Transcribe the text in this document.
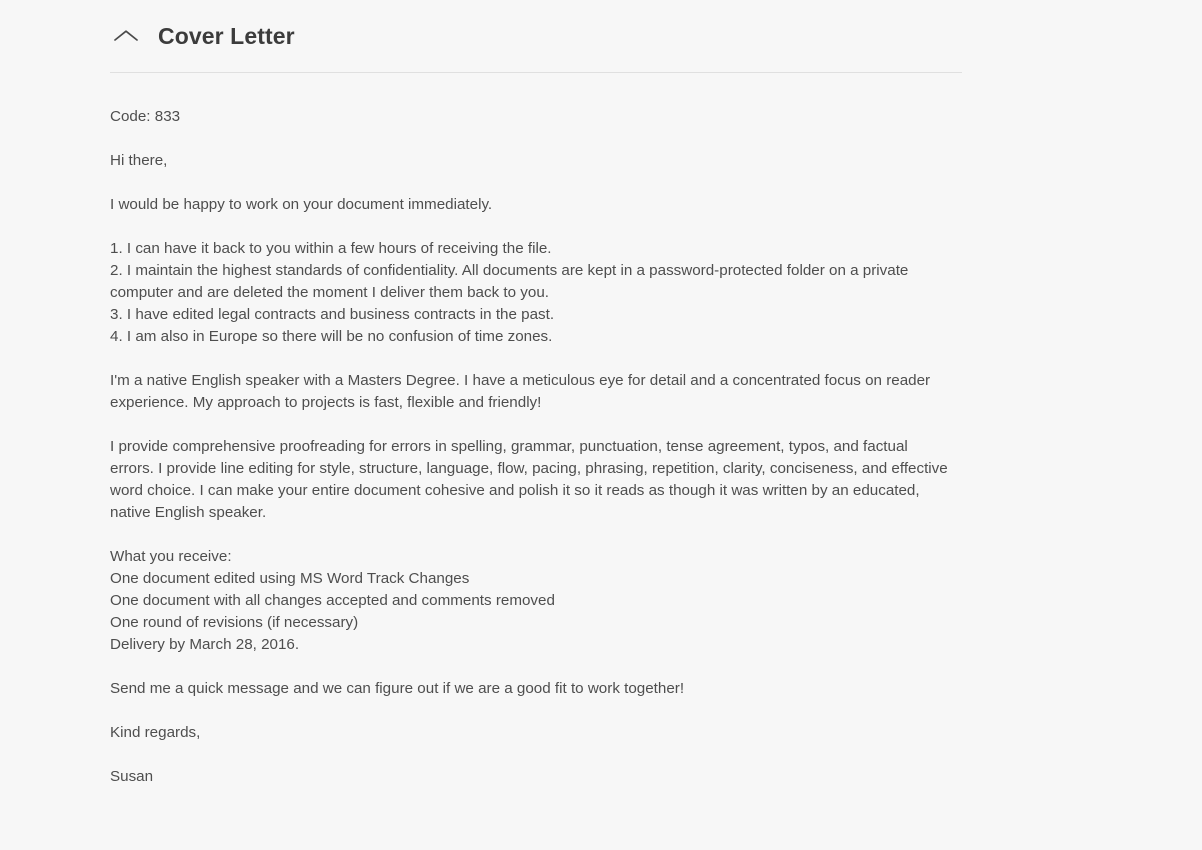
Cover Letter
Code: 833
Hi there,
I would be happy to work on your document immediately.
1. I can have it back to you within a few hours of receiving the file.
2. I maintain the highest standards of confidentiality. All documents are kept in a password-protected folder on a private computer and are deleted the moment I deliver them back to you.
3. I have edited legal contracts and business contracts in the past.
4. I am also in Europe so there will be no confusion of time zones.
I'm a native English speaker with a Masters Degree. I have a meticulous eye for detail and a concentrated focus on reader experience. My approach to projects is fast, flexible and friendly!
I provide comprehensive proofreading for errors in spelling, grammar, punctuation, tense agreement, typos, and factual errors. I provide line editing for style, structure, language, flow, pacing, phrasing, repetition, clarity, conciseness, and effective word choice. I can make your entire document cohesive and polish it so it reads as though it was written by an educated, native English speaker.
What you receive:
One document edited using MS Word Track Changes
One document with all changes accepted and comments removed
One round of revisions (if necessary)
Delivery by March 28, 2016.
Send me a quick message and we can figure out if we are a good fit to work together!
Kind regards,
Susan
